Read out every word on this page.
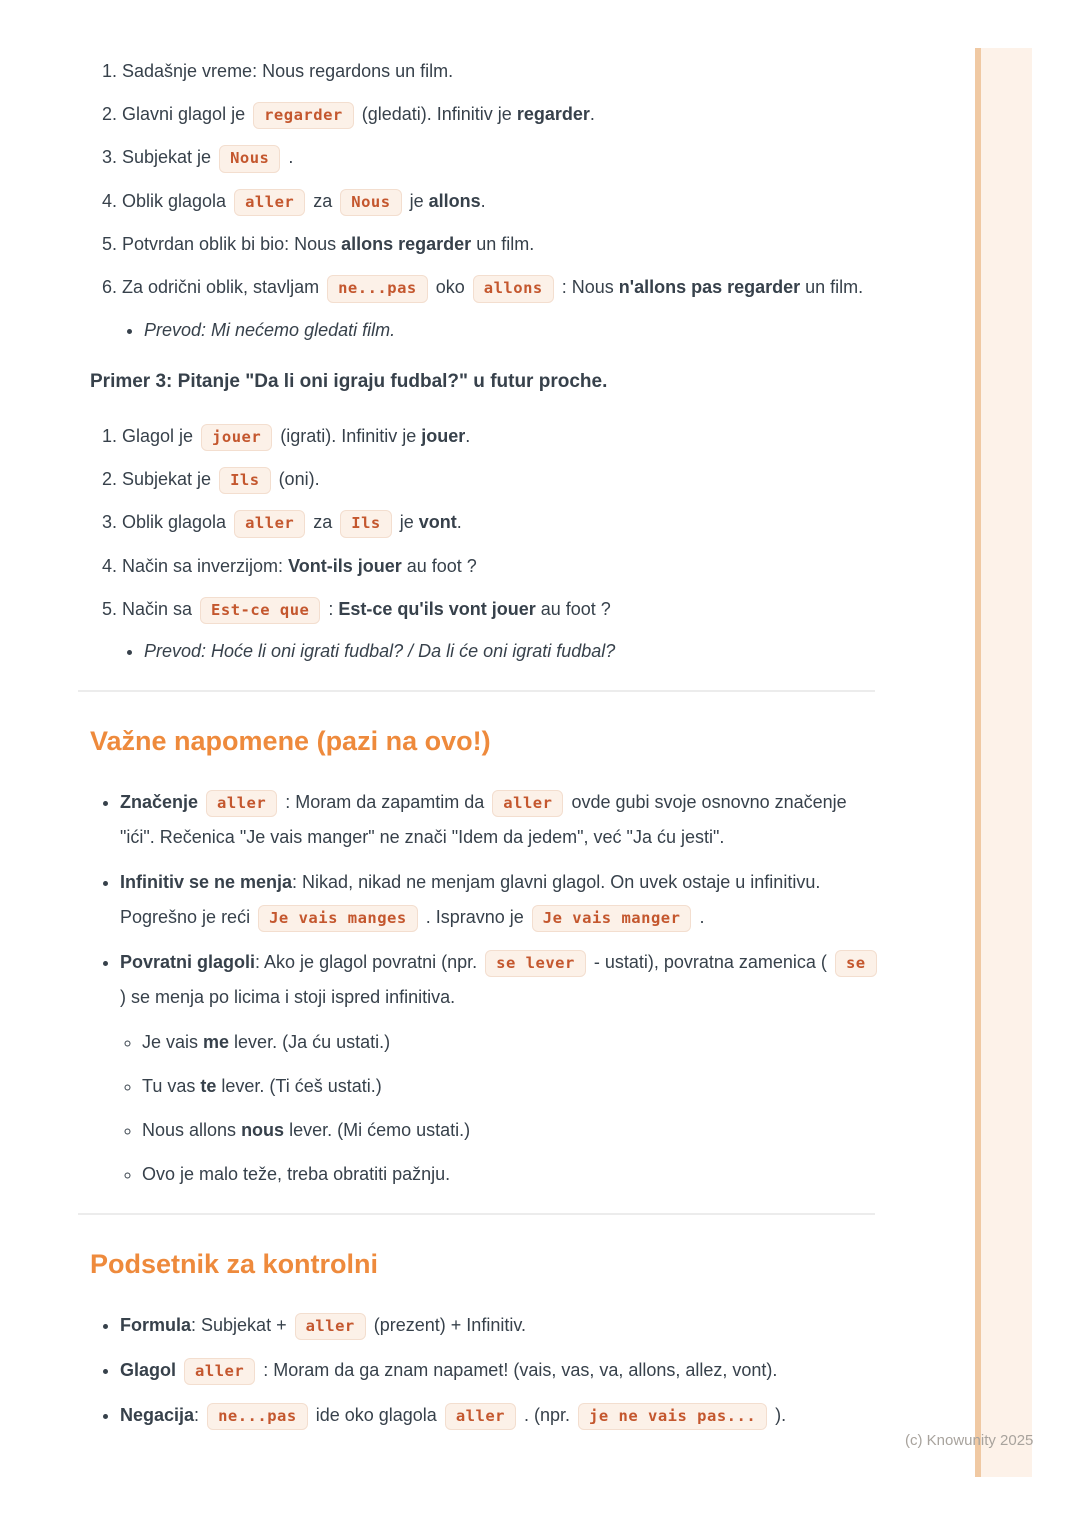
1. Sadašnje vreme: Nous regardons un film.
2. Glavni glagol je regarder (gledati). Infinitiv je regarder.
3. Subjekat je Nous .
4. Oblik glagola aller za Nous je allons.
5. Potvrdan oblik bi bio: Nous allons regarder un film.
6. Za odrični oblik, stavljam ne...pas oko allons : Nous n'allons pas regarder un film.
• Prevod: Mi nećemo gledati film.
Primer 3: Pitanje "Da li oni igraju fudbal?" u futur proche.
1. Glagol je jouer (igrati). Infinitiv je jouer.
2. Subjekat je Ils (oni).
3. Oblik glagola aller za Ils je vont.
4. Način sa inverzijom: Vont-ils jouer au foot ?
5. Način sa Est-ce que : Est-ce qu'ils vont jouer au foot ?
• Prevod: Hoće li oni igrati fudbal? / Da li će oni igrati fudbal?
Važne napomene (pazi na ovo!)
• Značenje aller : Moram da zapamtim da aller ovde gubi svoje osnovno značenje "ići". Rečenica "Je vais manger" ne znači "Idem da jedem", već "Ja ću jesti".
• Infinitiv se ne menja: Nikad, nikad ne menjam glavni glagol. On uvek ostaje u infinitivu. Pogrešno je reći Je vais manges . Ispravno je Je vais manger .
• Povratni glagoli: Ako je glagol povratni (npr. se lever - ustati), povratna zamenica ( se ) se menja po licima i stoji ispred infinitiva.
◦ Je vais me lever. (Ja ću ustati.)
◦ Tu vas te lever. (Ti ćeš ustati.)
◦ Nous allons nous lever. (Mi ćemo ustati.)
◦ Ovo je malo teže, treba obratiti pažnju.
Podsetnik za kontrolni
• Formula: Subjekat + aller (prezent) + Infinitiv.
• Glagol aller : Moram da ga znam napamet! (vais, vas, va, allons, allez, vont).
• Negacija: ne...pas ide oko glagola aller . (npr. je ne vais pas... ).
(c) Knowunity 2025
